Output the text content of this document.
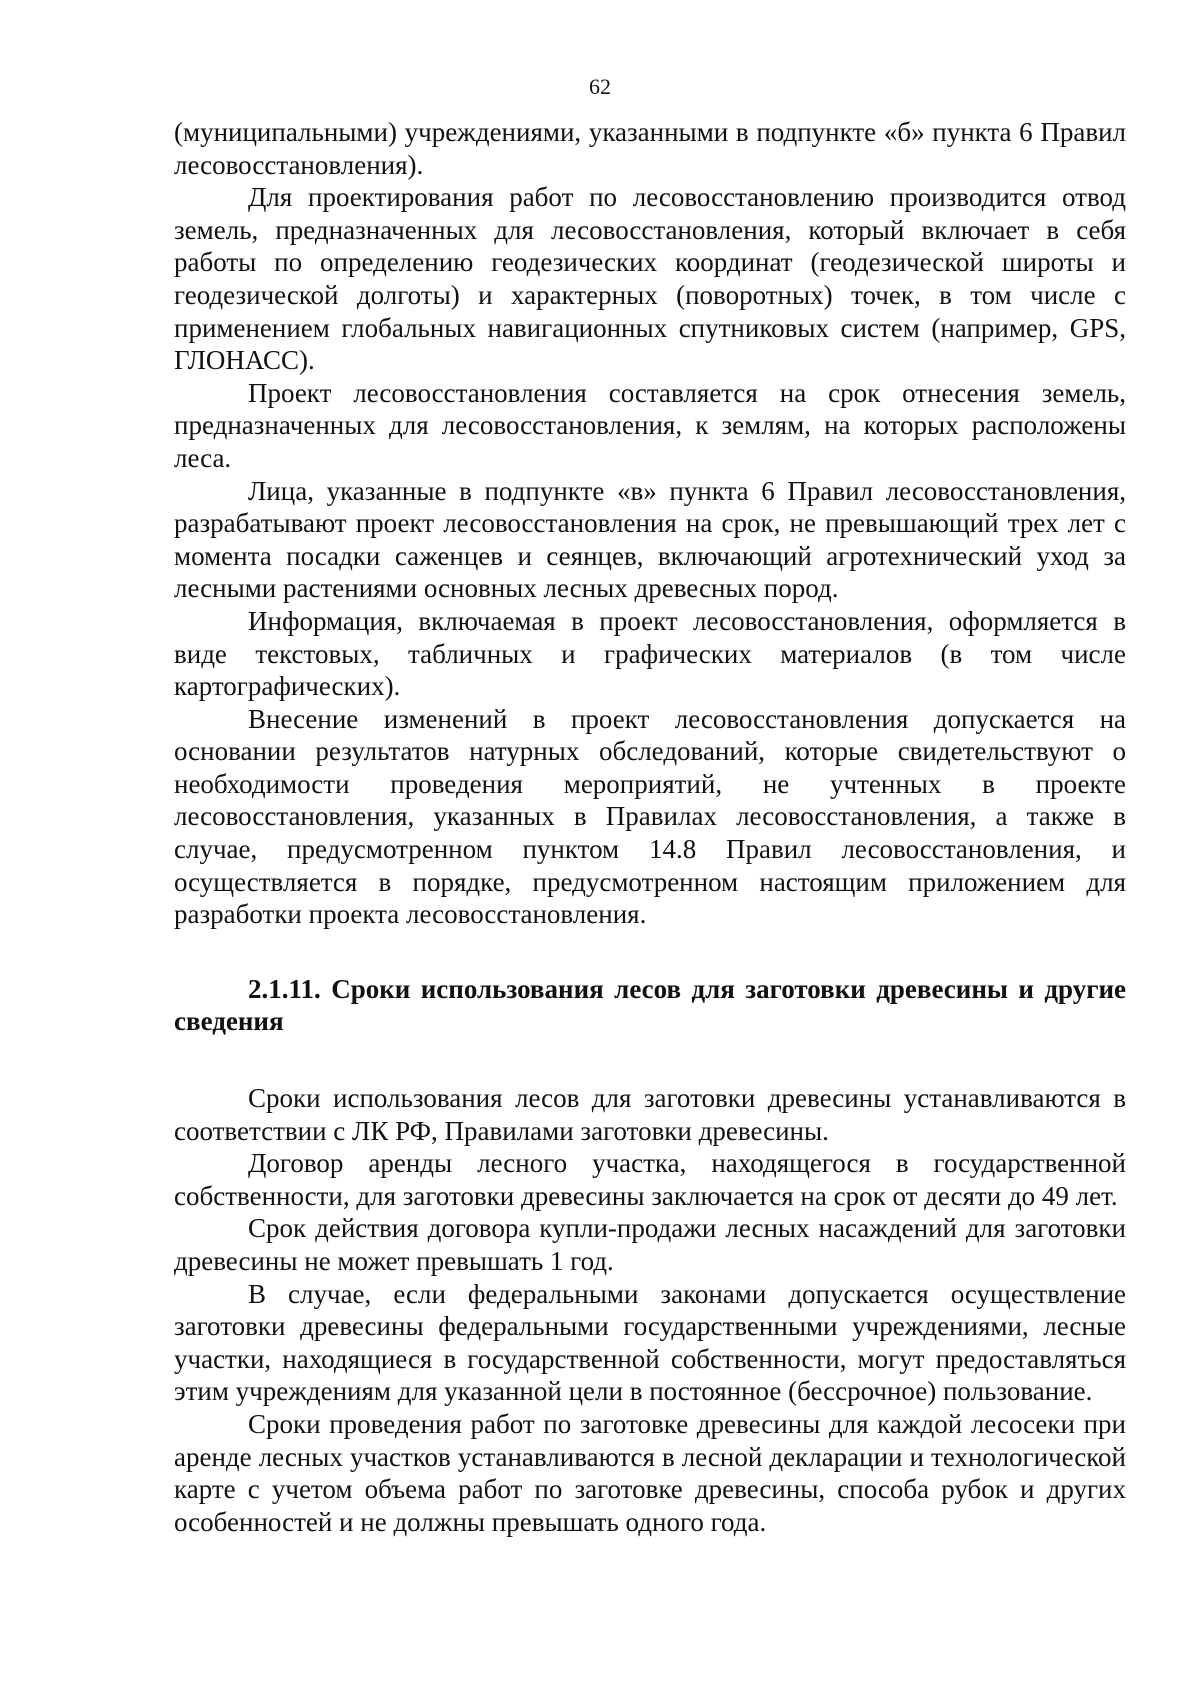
62

(муниципальными) учреждениями, указанными в подпункте «б» пункта 6 Правил лесовосстановления).

Для проектирования работ по лесовосстановлению производится отвод земель, предназначенных для лесовосстановления, который включает в себя работы по определению геодезических координат (геодезической широты и геодезической долготы) и характерных (поворотных) точек, в том числе с применением глобальных навигационных спутниковых систем (например, GPS, ГЛОНАСС).

Проект лесовосстановления составляется на срок отнесения земель, предназначенных для лесовосстановления, к землям, на которых расположены леса.

Лица, указанные в подпункте «в» пункта 6 Правил лесовосстановления, разрабатывают проект лесовосстановления на срок, не превышающий трех лет с момента посадки саженцев и сеянцев, включающий агротехнический уход за лесными растениями основных лесных древесных пород.

Информация, включаемая в проект лесовосстановления, оформляется в виде текстовых, табличных и графических материалов (в том числе картографических).

Внесение изменений в проект лесовосстановления допускается на основании результатов натурных обследований, которые свидетельствуют о необходимости проведения мероприятий, не учтенных в проекте лесовосстановления, указанных в Правилах лесовосстановления, а также в случае, предусмотренном пунктом 14.8 Правил лесовосстановления, и осуществляется в порядке, предусмотренном настоящим приложением для разработки проекта лесовосстановления.

2.1.11. Сроки использования лесов для заготовки древесины и другие сведения

Сроки использования лесов для заготовки древесины устанавливаются в соответствии с ЛК РФ, Правилами заготовки древесины.

Договор аренды лесного участка, находящегося в государственной собственности, для заготовки древесины заключается на срок от десяти до 49 лет.

Срок действия договора купли-продажи лесных насаждений для заготовки древесины не может превышать 1 год.

В случае, если федеральными законами допускается осуществление заготовки древесины федеральными государственными учреждениями, лесные участки, находящиеся в государственной собственности, могут предоставляться этим учреждениям для указанной цели в постоянное (бессрочное) пользование.

Сроки проведения работ по заготовке древесины для каждой лесосеки при аренде лесных участков устанавливаются в лесной декларации и технологической карте с учетом объема работ по заготовке древесины, способа рубок и других особенностей и не должны превышать одного года.
